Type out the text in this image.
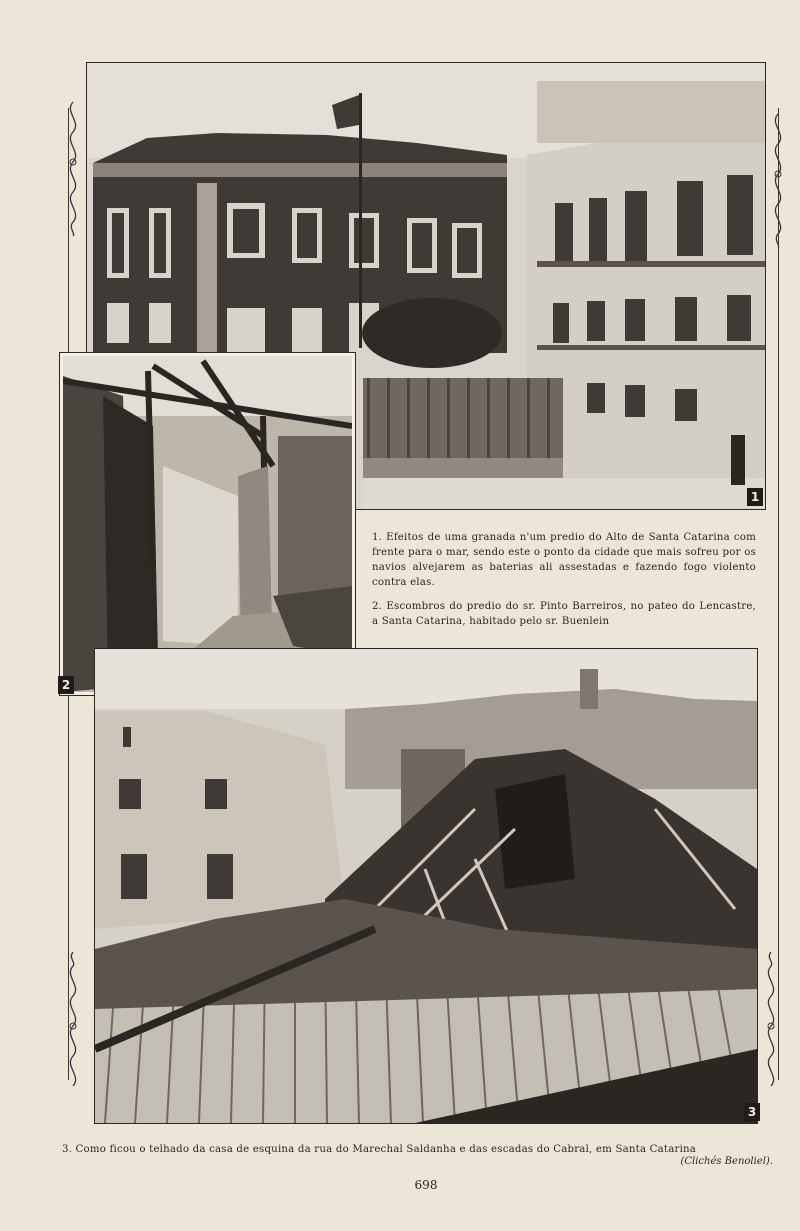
1
2

1. Efeitos de uma granada n'um predio do Alto de Santa Catarina com frente para o mar, sendo este o ponto da cidade que mais sofreu por os navios alvejarem as baterias ali assestadas e fazendo fogo violento contra elas.

2. Escombros do predio do sr. Pinto Barreiros, no pateo do Lencastre, a Santa Catarina, habitado pelo sr. Buenlein

3
3. Como ficou o telhado da casa de esquina da rua do Marechal Saldanha e das escadas do Cabral, em Santa Catarina
(Clichés Benoliel).
698
